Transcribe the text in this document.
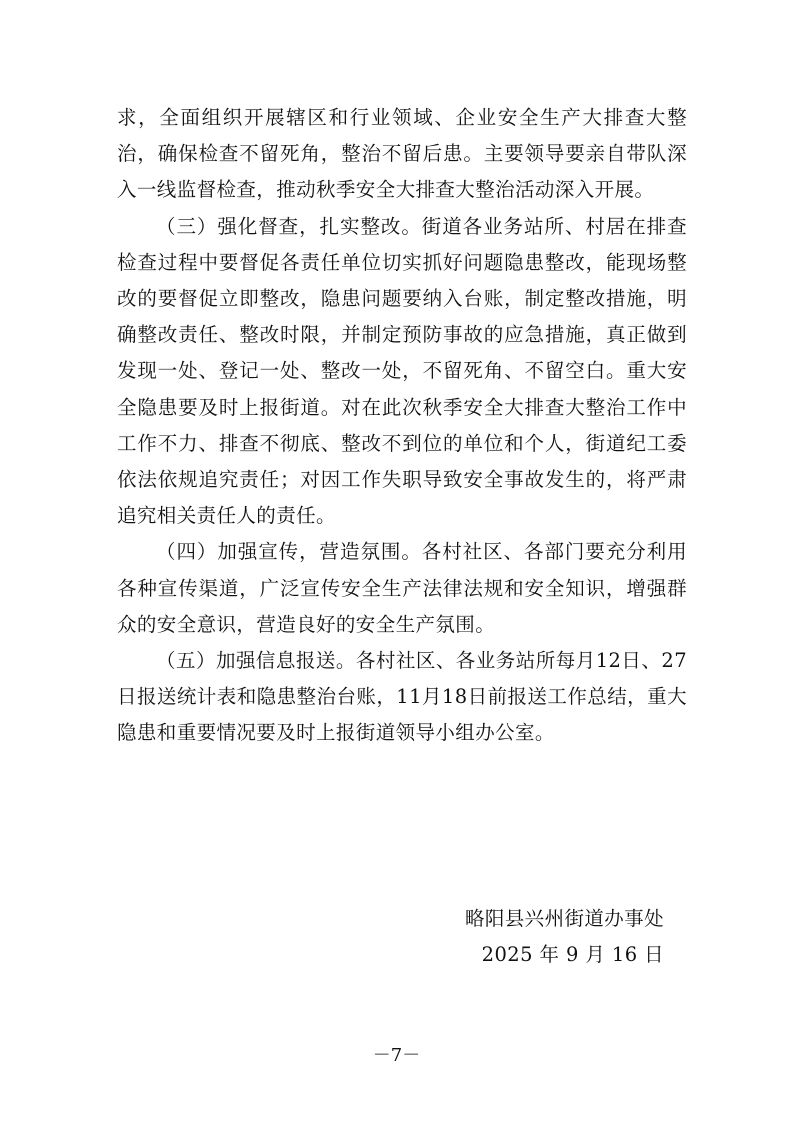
求，全面组织开展辖区和行业领域、企业安全生产大排查大整治，确保检查不留死角，整治不留后患。主要领导要亲自带队深入一线监督检查，推动秋季安全大排查大整治活动深入开展。

（三）强化督查，扎实整改。街道各业务站所、村居在排查检查过程中要督促各责任单位切实抓好问题隐患整改，能现场整改的要督促立即整改，隐患问题要纳入台账，制定整改措施，明确整改责任、整改时限，并制定预防事故的应急措施，真正做到发现一处、登记一处、整改一处，不留死角、不留空白。重大安全隐患要及时上报街道。对在此次秋季安全大排查大整治工作中工作不力、排查不彻底、整改不到位的单位和个人，街道纪工委依法依规追究责任；对因工作失职导致安全事故发生的，将严肃追究相关责任人的责任。

（四）加强宣传，营造氛围。各村社区、各部门要充分利用各种宣传渠道，广泛宣传安全生产法律法规和安全知识，增强群众的安全意识，营造良好的安全生产氛围。

（五）加强信息报送。各村社区、各业务站所每月12日、27日报送统计表和隐患整治台账，11月18日前报送工作总结，重大隐患和重要情况要及时上报街道领导小组办公室。

略阳县兴州街道办事处
2025 年 9 月 16 日
－7－
